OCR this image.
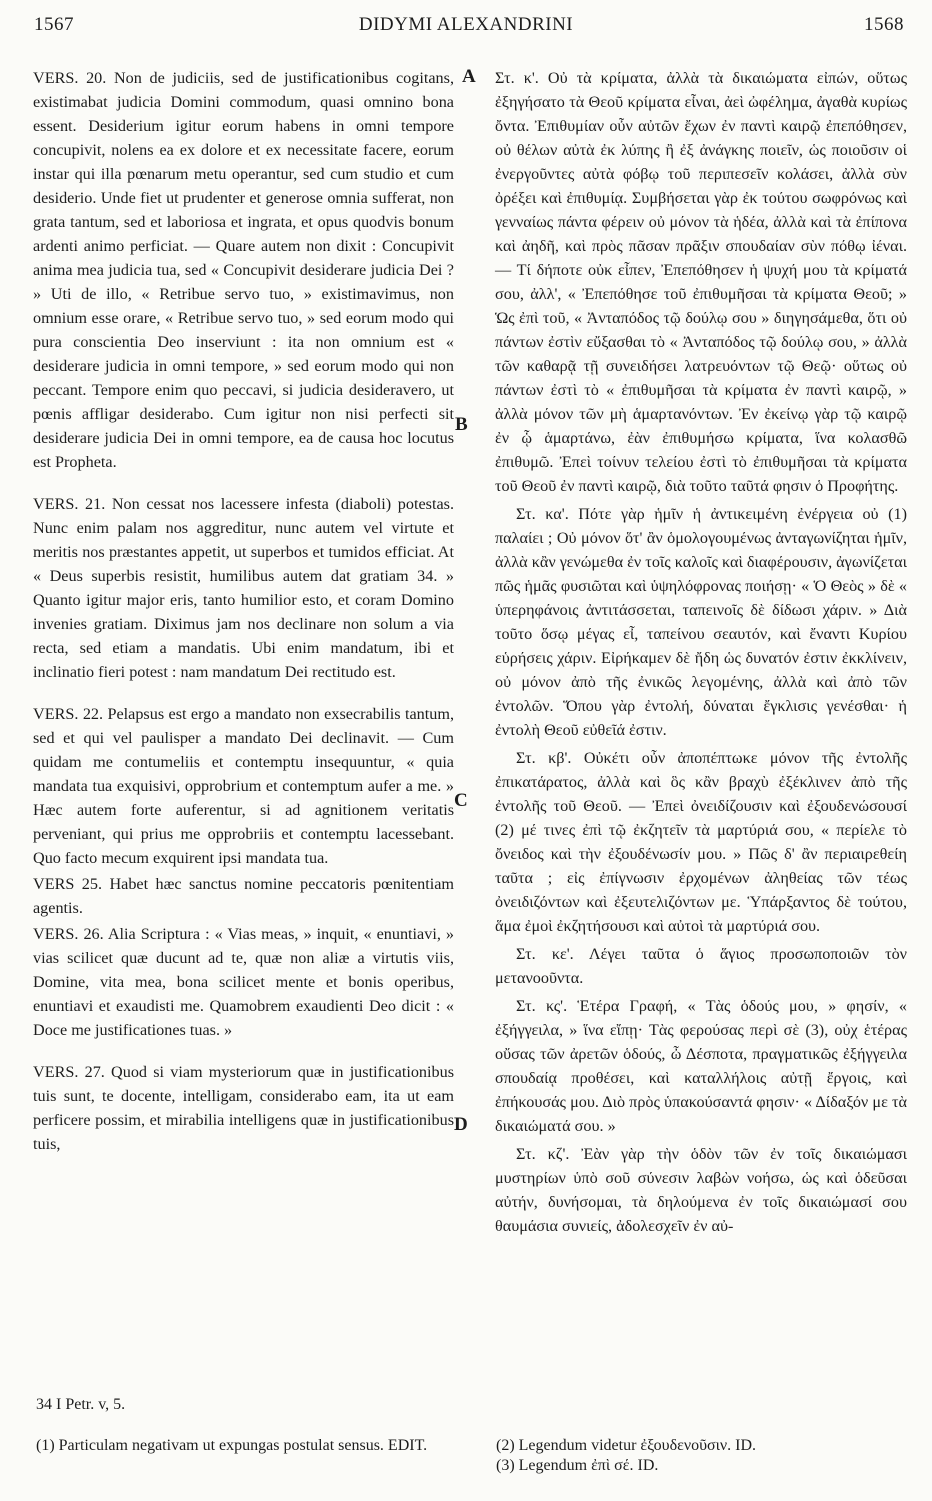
1567	DIDYMI ALEXANDRINI	1568

VERS. 20. Non de judiciis, sed de justificationibus cogitans, existimabat judicia Domini commodum, quasi omnino bona essent. Desiderium igitur eorum habens in omni tempore concupivit, nolens ea ex dolore et ex necessitate facere, eorum instar qui illa pœnarum metu operantur, sed cum studio et cum desiderio. Unde fiet ut prudenter et generose omnia sufferat, non grata tantum, sed et laboriosa et ingrata, et opus quodvis bonum ardenti animo perficiat. — Quare autem non dixit : Concupivit anima mea judicia tua, sed « Concupivit desiderare judicia Dei ? » Uti de illo, « Retribue servo tuo, » existimavimus, non omnium esse orare, « Retribue servo tuo, » sed eorum modo qui pura conscientia Deo inserviunt : ita non omnium est « desiderare judicia in omni tempore, » sed eorum modo qui non peccant. Tempore enim quo peccavi, si judicia desideravero, ut pœnis affligar desiderabo. Cum igitur non nisi perfecti sit desiderare judicia Dei in omni tempore, ea de causa hoc locutus est Propheta.

VERS. 21. Non cessat nos lacessere infesta (diaboli) potestas. Nunc enim palam nos aggreditur, nunc autem vel virtute et meritis nos præstantes appetit, ut superbos et tumidos efficiat. At « Deus superbis resistit, humilibus autem dat gratiam 34. » Quanto igitur major eris, tanto humilior esto, et coram Domino invenies gratiam. Diximus jam nos declinare non solum a via recta, sed etiam a mandatis. Ubi enim mandatum, ibi et inclinatio fieri potest : nam mandatum Dei rectitudo est.

VERS. 22. Pelapsus est ergo a mandato non exsecrabilis tantum, sed et qui vel paulisper a mandato Dei declinavit. — Cum quidam me contumeliis et contemptu insequuntur, « quia mandata tua exquisivi, opprobrium et contemptum aufer a me. » Hæc autem forte auferentur, si ad agnitionem veritatis perveniant, qui prius me opprobriis et contemptu lacessebant. Quo facto mecum exquirent ipsi mandata tua.

VERS 25. Habet hæc sanctus nomine peccatoris pœnitentiam agentis.

VERS. 26. Alia Scriptura : « Vias meas, » inquit, « enuntiavi, » vias scilicet quæ ducunt ad te, quæ non aliæ a virtutis viis, Domine, vita mea, bona scilicet mente et bonis operibus, enuntiavi et exaudisti me. Quamobrem exaudienti Deo dicit : « Doce me justificationes tuas. »

VERS. 27. Quod si viam mysteriorum quæ in justificationibus tuis sunt, te docente, intelligam, considerabo eam, ita ut eam perficere possim, et mirabilia intelligens quæ in justificationibus tuis,

A
B
C
D

Στ. κ'. Οὐ τὰ κρίματα, ἀλλὰ τὰ δικαιώματα εἰπών, οὕτως ἐξηγήσατο τὰ Θεοῦ κρίματα εἶναι, ἀεὶ ὠφέλημα, ἀγαθὰ κυρίως ὄντα. Ἐπιθυμίαν οὖν αὐτῶν ἔχων ἐν παντὶ καιρῷ ἐπεπόθησεν, οὐ θέλων αὐτὰ ἐκ λύπης ἢ ἐξ ἀνάγκης ποιεῖν, ὡς ποιοῦσιν οἱ ἐνεργοῦντες αὐτὰ φόβῳ τοῦ περιπεσεῖν κολάσει, ἀλλὰ σὺν ὀρέξει καὶ ἐπιθυμίᾳ. Συμβήσεται γὰρ ἐκ τούτου σωφρόνως καὶ γενναίως πάντα φέρειν οὐ μόνον τὰ ἡδέα, ἀλλὰ καὶ τὰ ἐπίπονα καὶ ἀηδῆ, καὶ πρὸς πᾶσαν πρᾶξιν σπουδαίαν σὺν πόθῳ ἰέναι. — Τί δήποτε οὐκ εἶπεν, Ἐπεπόθησεν ἡ ψυχή μου τὰ κρίματά σου, ἀλλ', « Ἐπεπόθησε τοῦ ἐπιθυμῆσαι τὰ κρίματα Θεοῦ; » Ὡς ἐπὶ τοῦ, « Ἀνταπόδος τῷ δούλῳ σου » διηγησάμεθα, ὅτι οὐ πάντων ἐστὶν εὔξασθαι τὸ « Ἀνταπόδος τῷ δούλῳ σου, » ἀλλὰ τῶν καθαρᾷ τῇ συνειδήσει λατρευόντων τῷ Θεῷ· οὕτως οὐ πάντων ἐστὶ τὸ « ἐπιθυμῆσαι τὰ κρίματα ἐν παντὶ καιρῷ, » ἀλλὰ μόνον τῶν μὴ ἁμαρτανόντων. Ἐν ἐκείνῳ γὰρ τῷ καιρῷ ἐν ᾧ ἁμαρτάνω, ἐὰν ἐπιθυμήσω κρίματα, ἵνα κολασθῶ ἐπιθυμῶ. Ἐπεὶ τοίνυν τελείου ἐστὶ τὸ ἐπιθυμῆσαι τὰ κρίματα τοῦ Θεοῦ ἐν παντὶ καιρῷ, διὰ τοῦτο ταῦτά φησιν ὁ Προφήτης.

Στ. κα'. Πότε γὰρ ἡμῖν ἡ ἀντικειμένη ἐνέργεια οὐ (1) παλαίει ; Οὐ μόνον ὅτ' ἂν ὁμολογουμένως ἀνταγωνίζηται ἡμῖν, ἀλλὰ κἂν γενώμεθα ἐν τοῖς καλοῖς καὶ διαφέρουσιν, ἀγωνίζεται πῶς ἡμᾶς φυσιῶται καὶ ὑψηλόφρονας ποιήσῃ· « Ὁ Θεὸς » δὲ « ὑπερηφάνοις ἀντιτάσσεται, ταπεινοῖς δὲ δίδωσι χάριν. » Διὰ τοῦτο ὅσῳ μέγας εἶ, ταπείνου σεαυτόν, καὶ ἔναντι Κυρίου εὑρήσεις χάριν. Εἰρήκαμεν δὲ ἤδη ὡς δυνατόν ἐστιν ἐκκλίνειν, οὐ μόνον ἀπὸ τῆς ἐνικῶς λεγομένης, ἀλλὰ καὶ ἀπὸ τῶν ἐντολῶν. Ὅπου γὰρ ἐντολή, δύναται ἔγκλισις γενέσθαι· ἡ ἐντολὴ Θεοῦ εὐθεῖά ἐστιν.

Στ. κβ'. Οὐκέτι οὖν ἀποπέπτωκε μόνον τῆς ἐντολῆς ἐπικατάρατος, ἀλλὰ καὶ ὃς κἂν βραχὺ ἐξέκλινεν ἀπὸ τῆς ἐντολῆς τοῦ Θεοῦ. — Ἐπεὶ ὀνειδίζουσιν καὶ ἐξουδενώσουσί (2) μέ τινες ἐπὶ τῷ ἐκζητεῖν τὰ μαρτύριά σου, « περίελε τὸ ὄνειδος καὶ τὴν ἐξουδένωσίν μου. » Πῶς δ' ἂν περιαιρεθείη ταῦτα ; εἰς ἐπίγνωσιν ἐρχομένων ἀληθείας τῶν τέως ὀνειδιζόντων καὶ ἐξευτελιζόντων με. Ὑπάρξαντος δὲ τούτου, ἅμα ἐμοὶ ἐκζητήσουσι καὶ αὐτοὶ τὰ μαρτύριά σου.

Στ. κε'. Λέγει ταῦτα ὁ ἅγιος προσωποποιῶν τὸν μετανοοῦντα.

Στ. κς'. Ἑτέρα Γραφή, « Τὰς ὁδούς μου, » φησίν, « ἐξήγγειλα, » ἵνα εἴπῃ· Τὰς φερούσας περὶ σὲ (3), οὐχ ἑτέρας οὔσας τῶν ἀρετῶν ὁδούς, ὦ Δέσποτα, πραγματικῶς ἐξήγγειλα σπουδαίᾳ προθέσει, καὶ καταλλήλοις αὐτῇ ἔργοις, καὶ ἐπήκουσάς μου. Διὸ πρὸς ὑπακούσαντά φησιν· « Δίδαξόν με τὰ δικαιώματά σου. »

Στ. κζ'. Ἐὰν γὰρ τὴν ὁδὸν τῶν ἐν τοῖς δικαιώμασι μυστηρίων ὑπὸ σοῦ σύνεσιν λαβὼν νοήσω, ὡς καὶ ὁδεῦσαι αὐτήν, δυνήσομαι, τὰ δηλούμενα ἐν τοῖς δικαιώμασί σου θαυμάσια συνιείς, ἀδολεσχεῖν ἐν αὐ-

34 I Petr. v, 5.
(1) Particulam negativam ut expungas postulat sensus. EDIT.	(2) Legendum videtur ἐξουδενοῦσιν. ID.
(3) Legendum ἐπὶ σέ. ID.
